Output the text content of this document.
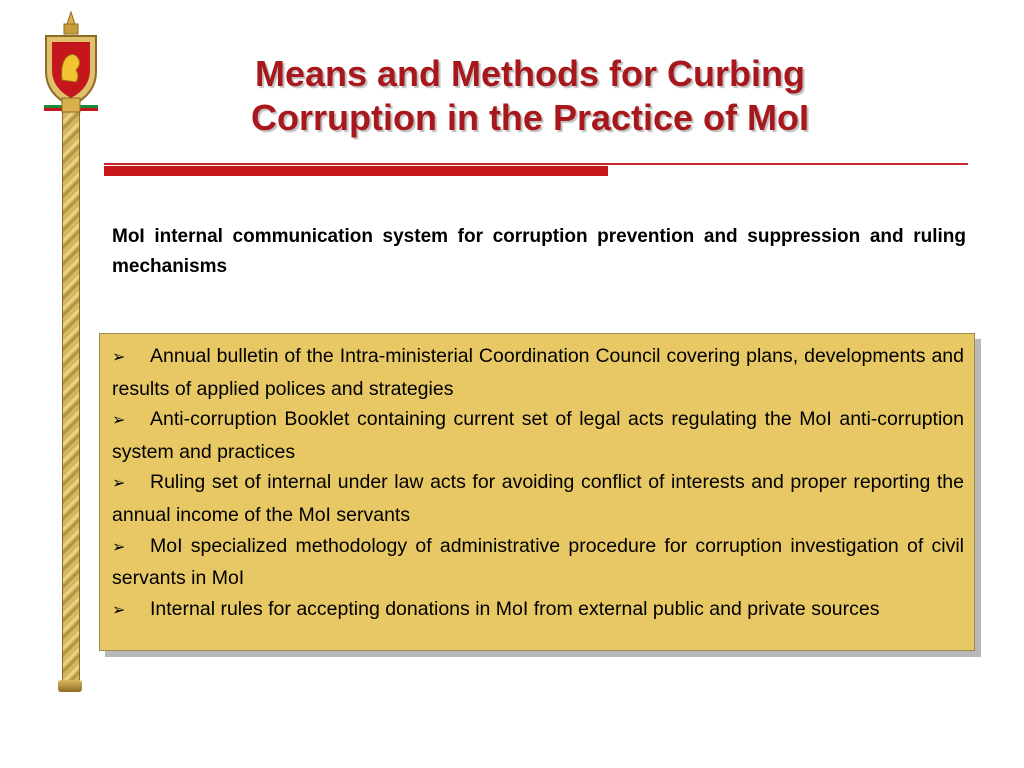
Means and Methods for Curbing
Corruption in the Practice of MoI
MoI internal communication system for corruption prevention and suppression and ruling mechanisms
➢ Annual bulletin of the Intra-ministerial Coordination Council covering plans, developments and results of applied polices and strategies
➢ Anti-corruption Booklet containing current set of legal acts regulating the MoI anti-corruption system and practices
➢ Ruling set of internal under law acts for avoiding conflict of interests and proper reporting the annual income of the MoI servants
➢ MoI specialized methodology of administrative procedure for corruption investigation of civil servants in MoI
➢ Internal rules for accepting donations in MoI from external public and private sources
